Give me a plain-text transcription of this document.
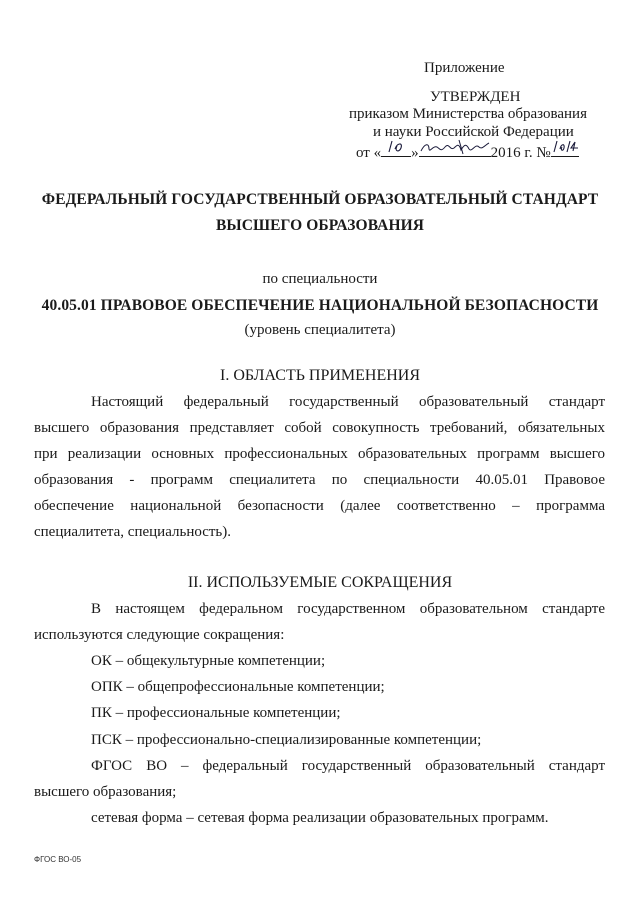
Приложение
УТВЕРЖДЕН
приказом Министерства образования
и науки Российской Федерации
от « »	2016 г. №
ФЕДЕРАЛЬНЫЙ ГОСУДАРСТВЕННЫЙ ОБРАЗОВАТЕЛЬНЫЙ СТАНДАРТ
ВЫСШЕГО ОБРАЗОВАНИЯ
по специальности
40.05.01 ПРАВОВОЕ ОБЕСПЕЧЕНИЕ НАЦИОНАЛЬНОЙ БЕЗОПАСНОСТИ
(уровень специалитета)
I. ОБЛАСТЬ ПРИМЕНЕНИЯ
Настоящий федеральный государственный образовательный стандарт
высшего образования представляет собой совокупность требований, обязательных
при реализации основных профессиональных образовательных программ высшего
образования - программ специалитета по специальности 40.05.01 Правовое
обеспечение национальной безопасности (далее соответственно – программа
специалитета, специальность).
II. ИСПОЛЬЗУЕМЫЕ СОКРАЩЕНИЯ
В настоящем федеральном государственном образовательном стандарте
используются следующие сокращения:
ОК – общекультурные компетенции;
ОПК – общепрофессиональные компетенции;
ПК – профессиональные компетенции;
ПСК – профессионально-специализированные компетенции;
ФГОС ВО – федеральный государственный образовательный стандарт
высшего образования;
сетевая форма – сетевая форма реализации образовательных программ.
ФГОС ВО-05
